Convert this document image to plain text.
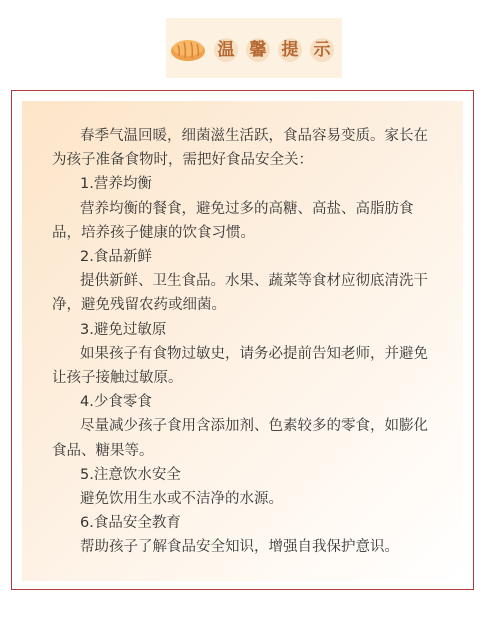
温 馨 提 示

春季气温回暖，细菌滋生活跃，食品容易变质。家长在为孩子准备食物时，需把好食品安全关：

1.营养均衡

营养均衡的餐食，避免过多的高糖、高盐、高脂肪食品，培养孩子健康的饮食习惯。

2.食品新鲜

提供新鲜、卫生食品。水果、蔬菜等食材应彻底清洗干净，避免残留农药或细菌。

3.避免过敏原

如果孩子有食物过敏史，请务必提前告知老师，并避免让孩子接触过敏原。

4.少食零食

尽量减少孩子食用含添加剂、色素较多的零食，如膨化食品、糖果等。

5.注意饮水安全

避免饮用生水或不洁净的水源。

6.食品安全教育

帮助孩子了解食品安全知识，增强自我保护意识。
